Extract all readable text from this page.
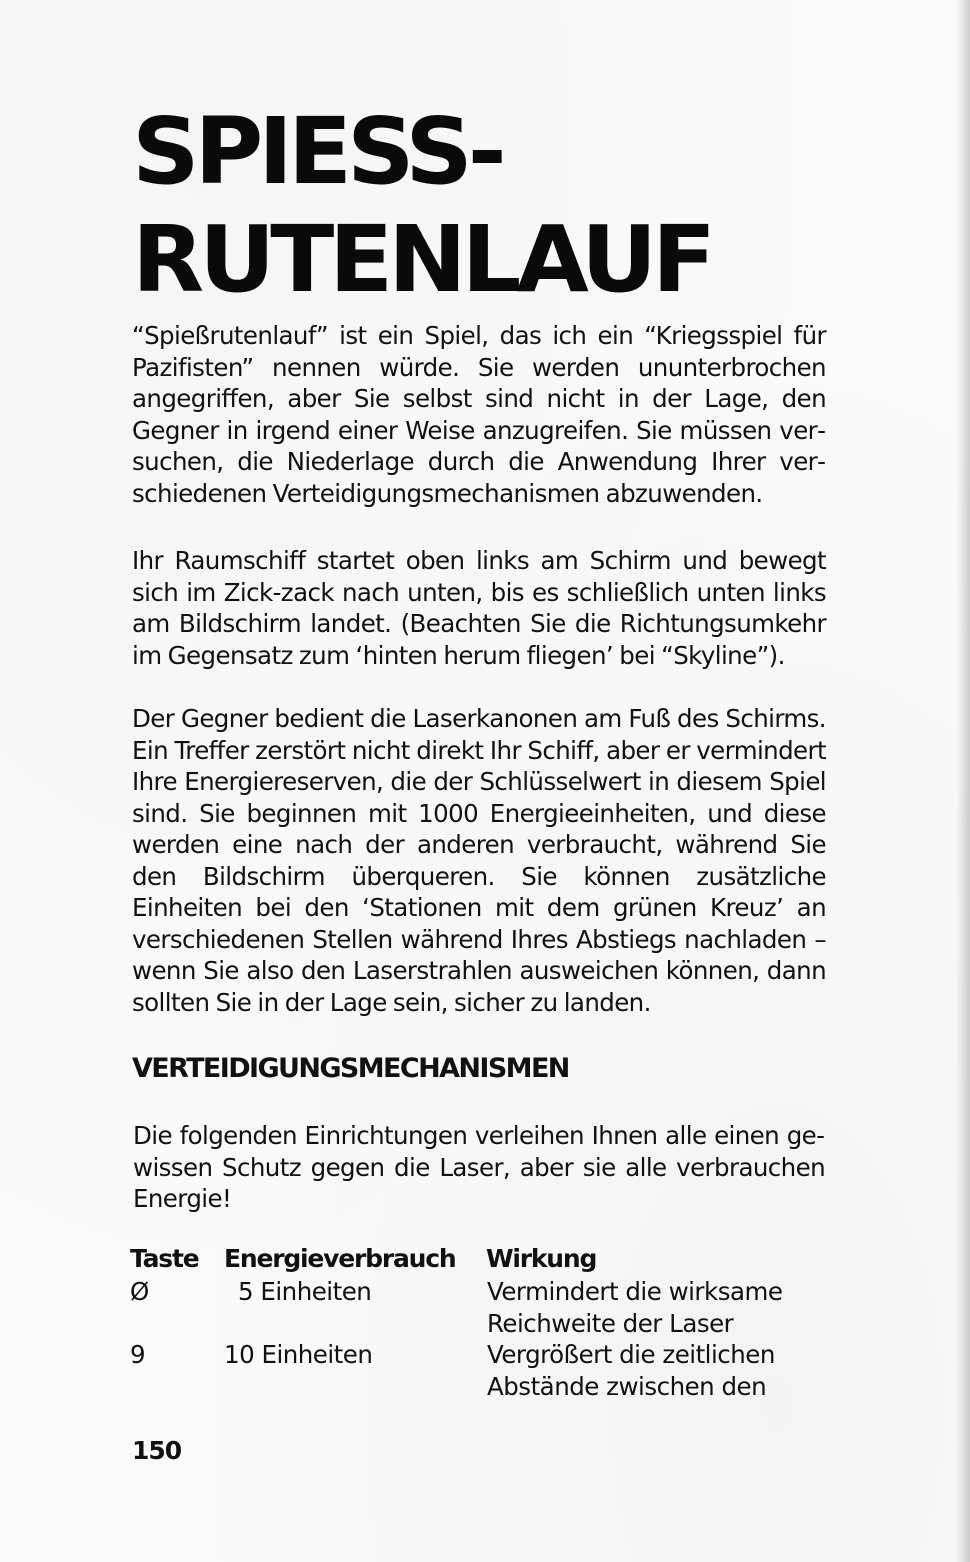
SPIESS-
RUTENLAUF

“Spießrutenlauf” ist ein Spiel, das ich ein “Kriegsspiel für Pazifisten” nennen würde. Sie werden ununterbrochen angegriffen, aber Sie selbst sind nicht in der Lage, den Gegner in irgend einer Weise anzugreifen. Sie müssen versuchen, die Niederlage durch die Anwendung Ihrer verschiedenen Verteidigungsmechanismen abzuwenden.

Ihr Raumschiff startet oben links am Schirm und bewegt sich im Zick-zack nach unten, bis es schließlich unten links am Bildschirm landet. (Beachten Sie die Richtungsumkehr im Gegensatz zum ‘hinten herum fliegen’ bei “Skyline”).

Der Gegner bedient die Laserkanonen am Fuß des Schirms. Ein Treffer zerstört nicht direkt Ihr Schiff, aber er vermindert Ihre Energiereserven, die der Schlüsselwert in diesem Spiel sind. Sie beginnen mit 1000 Energieeinheiten, und diese werden eine nach der anderen verbraucht, während Sie den Bildschirm überqueren. Sie können zusätzliche Einheiten bei den ‘Stationen mit dem grünen Kreuz’ an verschiedenen Stellen während Ihres Abstiegs nachladen – wenn Sie also den Laserstrahlen ausweichen können, dann sollten Sie in der Lage sein, sicher zu landen.

VERTEIDIGUNGSMECHANISMEN

Die folgenden Einrichtungen verleihen Ihnen alle einen gewissen Schutz gegen die Laser, aber sie alle verbrauchen Energie!

Taste Energieverbrauch Wirkung
Ø	5 Einheiten	Vermindert die wirksame
Reichweite der Laser
9	10 Einheiten	Vergrößert die zeitlichen
Abstände zwischen den
150
